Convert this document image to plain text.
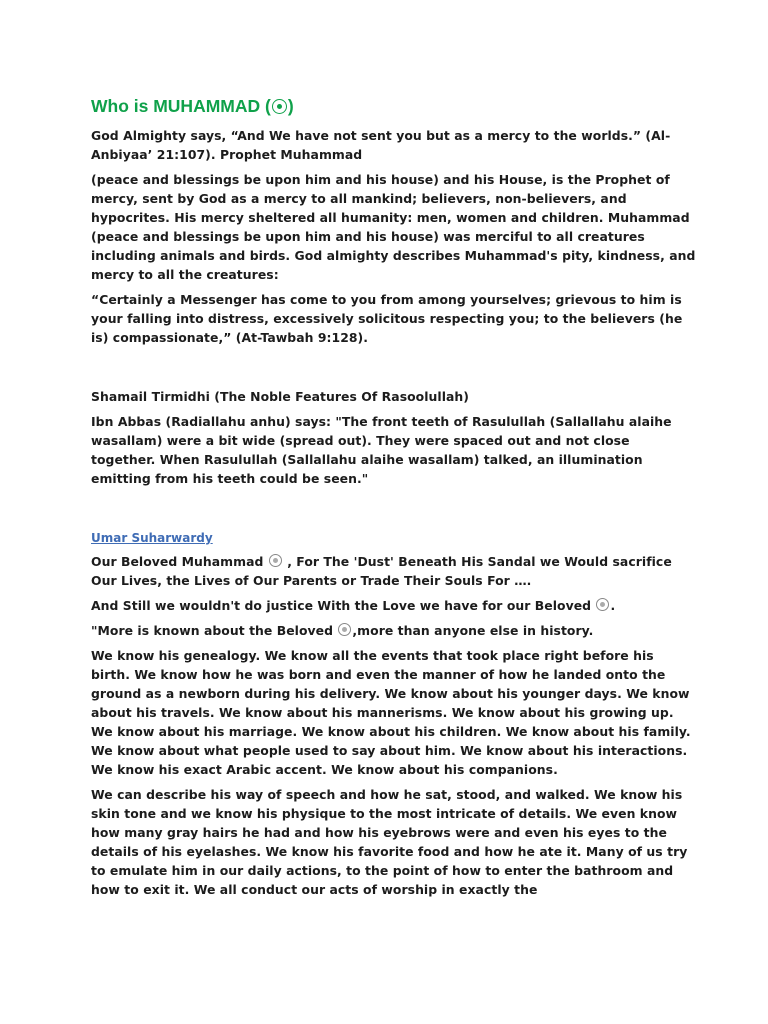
Who is MUHAMMAD ( )

God Almighty says, “And We have not sent you but as a mercy to the worlds.” (Al-Anbiyaa’ 21:107). Prophet Muhammad

(peace and blessings be upon him and his house) and his House, is the Prophet of mercy, sent by God as a mercy to all mankind; believers, non-believers, and hypocrites. His mercy sheltered all humanity: men, women and children. Muhammad (peace and blessings be upon him and his house) was merciful to all creatures including animals and birds. God almighty describes Muhammad's pity, kindness, and mercy to all the creatures:

“Certainly a Messenger has come to you from among yourselves; grievous to him is your falling into distress, excessively solicitous respecting you; to the believers (he is) compassionate,” (At-Tawbah 9:128).

Shamail Tirmidhi (The Noble Features Of Rasoolullah)

Ibn Abbas (Radiallahu anhu) says: "The front teeth of Rasulullah (Sallallahu alaihe wasallam) were a bit wide (spread out). They were spaced out and not close together. When Rasulullah (Sallallahu alaihe wasallam) talked, an illumination emitting from his teeth could be seen."

Umar Suharwardy

Our Beloved Muhammad , For The 'Dust' Beneath His Sandal we Would sacrifice Our Lives, the Lives of Our Parents or Trade Their Souls For ….

And Still we wouldn't do justice With the Love we have for our Beloved .

"More is known about the Beloved ,more than anyone else in history.

We know his genealogy. We know all the events that took place right before his birth. We know how he was born and even the manner of how he landed onto the ground as a newborn during his delivery. We know about his younger days. We know about his travels. We know about his mannerisms. We know about his growing up. We know about his marriage. We know about his children. We know about his family. We know about what people used to say about him. We know about his interactions. We know his exact Arabic accent. We know about his companions.

We can describe his way of speech and how he sat, stood, and walked. We know his skin tone and we know his physique to the most intricate of details. We even know how many gray hairs he had and how his eyebrows were and even his eyes to the details of his eyelashes. We know his favorite food and how he ate it. Many of us try to emulate him in our daily actions, to the point of how to enter the bathroom and how to exit it. We all conduct our acts of worship in exactly the
